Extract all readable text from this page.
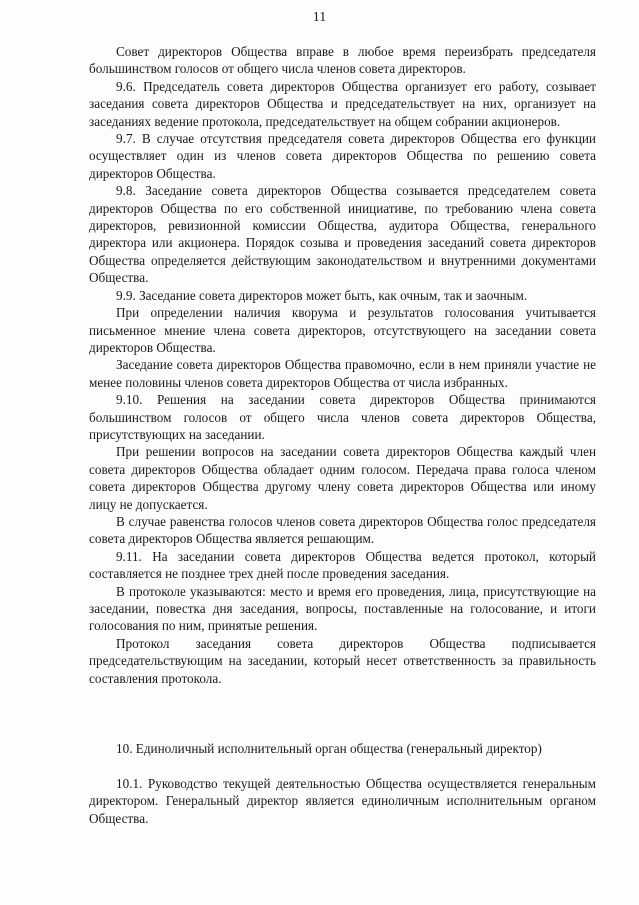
11

Совет директоров Общества вправе в любое время переизбрать председателя большинством голосов от общего числа членов совета директоров.

9.6. Председатель совета директоров Общества организует его работу, созывает заседания совета директоров Общества и председательствует на них, организует на заседаниях ведение протокола, председательствует на общем собрании акционеров.

9.7. В случае отсутствия председателя совета директоров Общества его функции осуществляет один из членов совета директоров Общества по решению совета директоров Общества.

9.8. Заседание совета директоров Общества созывается председателем совета директоров Общества по его собственной инициативе, по требованию члена совета директоров, ревизионной комиссии Общества, аудитора Общества, генерального директора или акционера. Порядок созыва и проведения заседаний совета директоров Общества определяется действующим законодательством и внутренними документами Общества.

9.9. Заседание совета директоров может быть, как очным, так и заочным.

При определении наличия кворума и результатов голосования учитывается письменное мнение члена совета директоров, отсутствующего на заседании совета директоров Общества.

Заседание совета директоров Общества правомочно, если в нем приняли участие не менее половины членов совета директоров Общества от числа избранных.

9.10. Решения на заседании совета директоров Общества принимаются большинством голосов от общего числа членов совета директоров Общества, присутствующих на заседании.

При решении вопросов на заседании совета директоров Общества каждый член совета директоров Общества обладает одним голосом. Передача права голоса членом совета директоров Общества другому члену совета директоров Общества или иному лицу не допускается.

В случае равенства голосов членов совета директоров Общества голос председателя совета директоров Общества является решающим.

9.11. На заседании совета директоров Общества ведется протокол, который составляется не позднее трех дней после проведения заседания.

В протоколе указываются: место и время его проведения, лица, присутствующие на заседании, повестка дня заседания, вопросы, поставленные на голосование, и итоги голосования по ним, принятые решения.

Протокол заседания совета директоров Общества подписывается председательствующим на заседании, который несет ответственность за правильность составления протокола.

10. Единоличный исполнительный орган общества (генеральный директор)

10.1. Руководство текущей деятельностью Общества осуществляется генеральным директором. Генеральный директор является единоличным исполнительным органом Общества.
